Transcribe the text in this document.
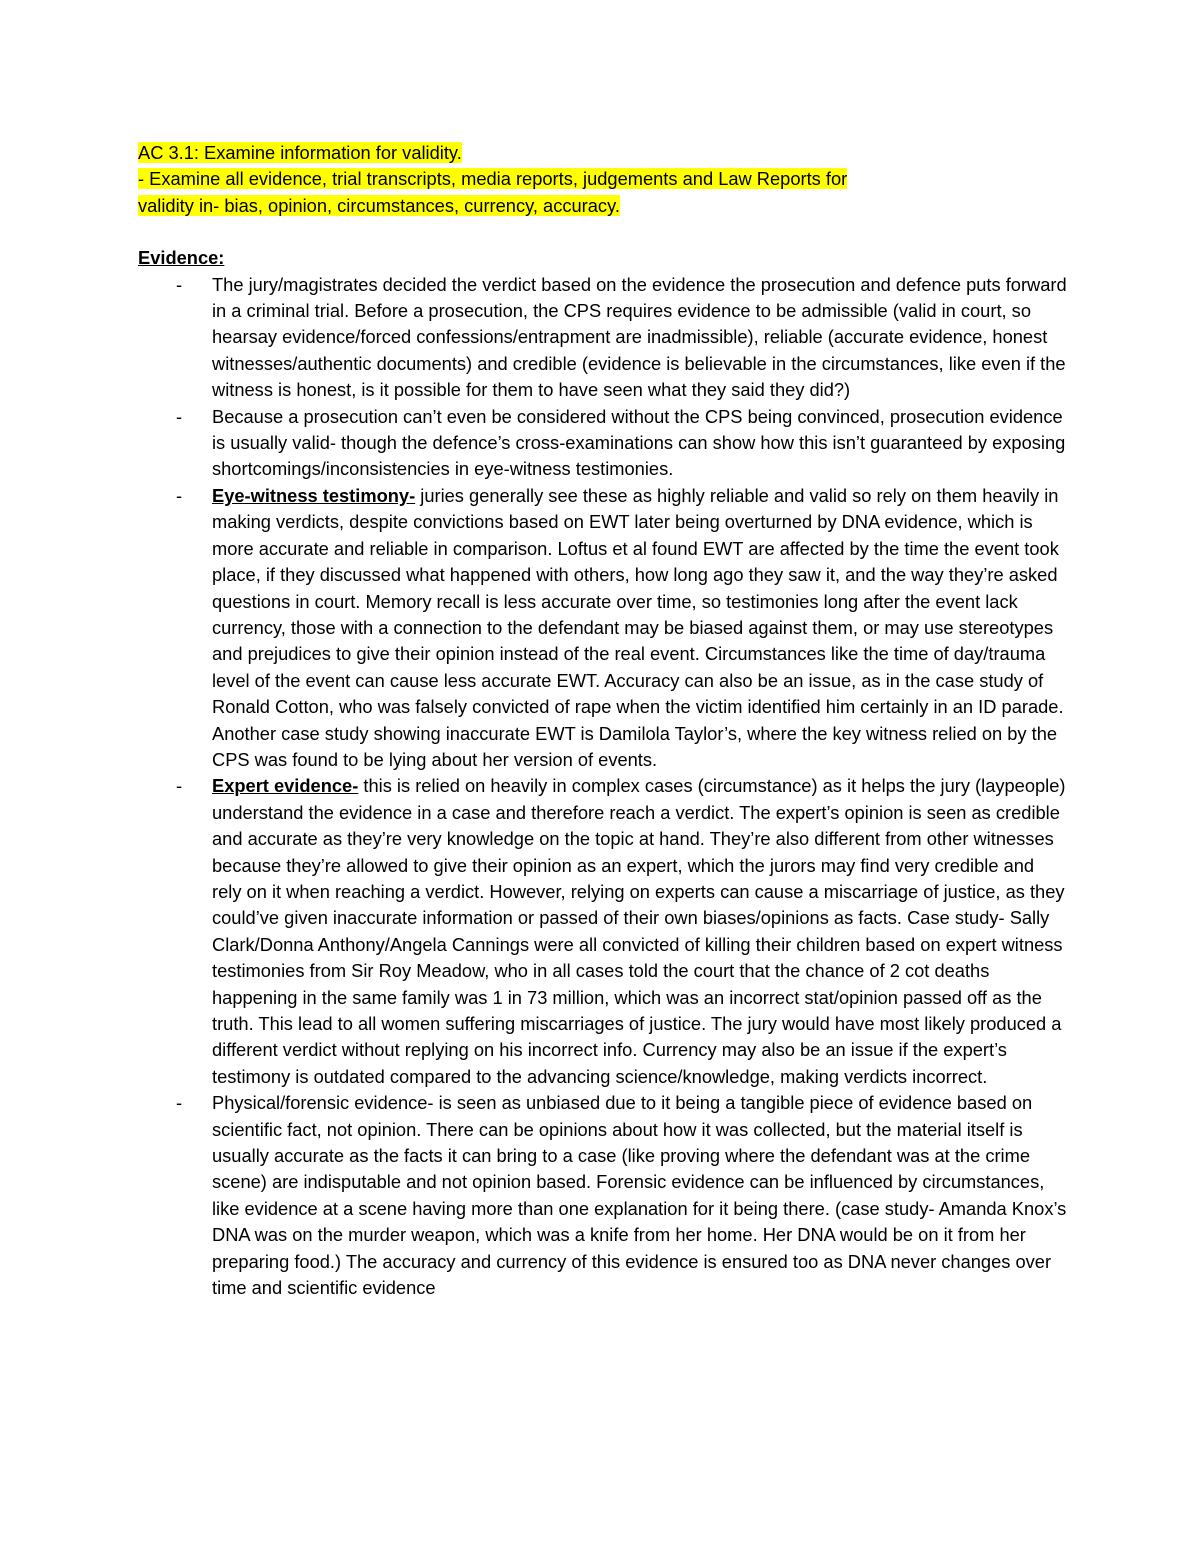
AC 3.1: Examine information for validity.
- Examine all evidence, trial transcripts, media reports, judgements and Law Reports for
validity in- bias, opinion, circumstances, currency, accuracy.
Evidence:
- The jury/magistrates decided the verdict based on the evidence the prosecution and defence puts forward in a criminal trial. Before a prosecution, the CPS requires evidence to be admissible (valid in court, so hearsay evidence/forced confessions/entrapment are inadmissible), reliable (accurate evidence, honest witnesses/authentic documents) and credible (evidence is believable in the circumstances, like even if the witness is honest, is it possible for them to have seen what they said they did?)
- Because a prosecution can’t even be considered without the CPS being convinced, prosecution evidence is usually valid- though the defence’s cross-examinations can show how this isn’t guaranteed by exposing shortcomings/inconsistencies in eye-witness testimonies.
- Eye-witness testimony- juries generally see these as highly reliable and valid so rely on them heavily in making verdicts, despite convictions based on EWT later being overturned by DNA evidence, which is more accurate and reliable in comparison. Loftus et al found EWT are affected by the time the event took place, if they discussed what happened with others, how long ago they saw it, and the way they’re asked questions in court. Memory recall is less accurate over time, so testimonies long after the event lack currency, those with a connection to the defendant may be biased against them, or may use stereotypes and prejudices to give their opinion instead of the real event. Circumstances like the time of day/trauma level of the event can cause less accurate EWT. Accuracy can also be an issue, as in the case study of Ronald Cotton, who was falsely convicted of rape when the victim identified him certainly in an ID parade. Another case study showing inaccurate EWT is Damilola Taylor’s, where the key witness relied on by the CPS was found to be lying about her version of events.
- Expert evidence- this is relied on heavily in complex cases (circumstance) as it helps the jury (laypeople) understand the evidence in a case and therefore reach a verdict. The expert’s opinion is seen as credible and accurate as they’re very knowledge on the topic at hand. They’re also different from other witnesses because they’re allowed to give their opinion as an expert, which the jurors may find very credible and rely on it when reaching a verdict. However, relying on experts can cause a miscarriage of justice, as they could’ve given inaccurate information or passed of their own biases/opinions as facts. Case study- Sally Clark/Donna Anthony/Angela Cannings were all convicted of killing their children based on expert witness testimonies from Sir Roy Meadow, who in all cases told the court that the chance of 2 cot deaths happening in the same family was 1 in 73 million, which was an incorrect stat/opinion passed off as the truth. This lead to all women suffering miscarriages of justice. The jury would have most likely produced a different verdict without replying on his incorrect info. Currency may also be an issue if the expert’s testimony is outdated compared to the advancing science/knowledge, making verdicts incorrect.
- Physical/forensic evidence- is seen as unbiased due to it being a tangible piece of evidence based on scientific fact, not opinion. There can be opinions about how it was collected, but the material itself is usually accurate as the facts it can bring to a case (like proving where the defendant was at the crime scene) are indisputable and not opinion based. Forensic evidence can be influenced by circumstances, like evidence at a scene having more than one explanation for it being there. (case study- Amanda Knox’s DNA was on the murder weapon, which was a knife from her home. Her DNA would be on it from her preparing food.) The accuracy and currency of this evidence is ensured too as DNA never changes over time and scientific evidence
